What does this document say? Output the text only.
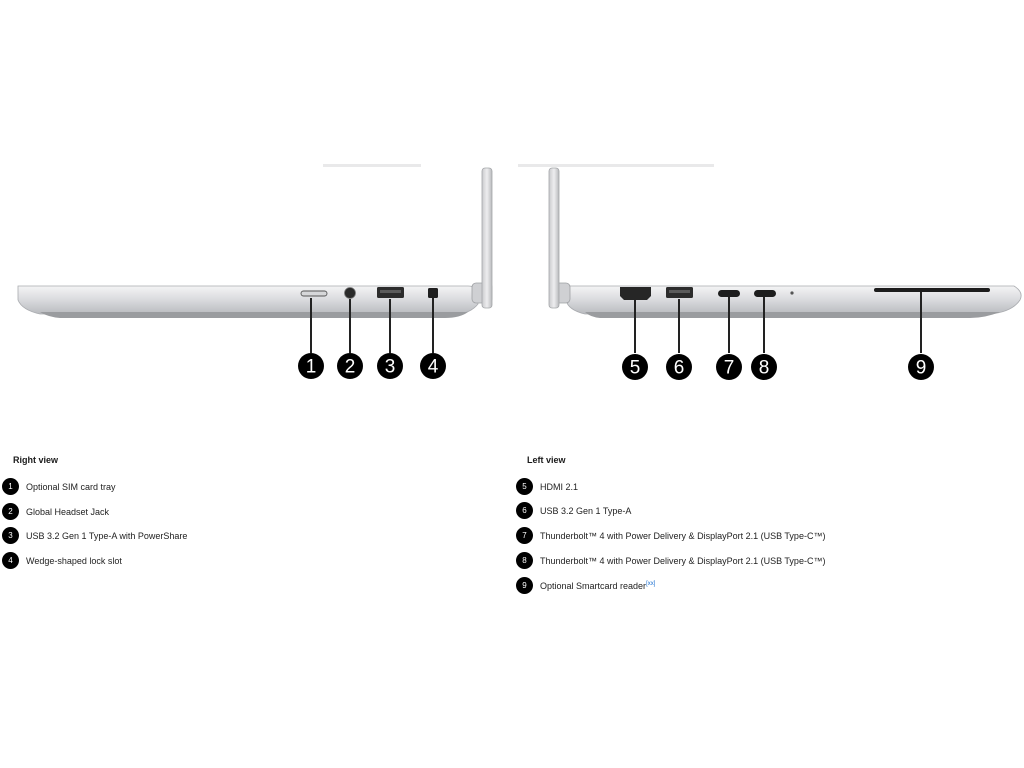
1 2 3 4	5 6 7 8	9
Right view
1	Optional SIM card tray
2	Global Headset Jack
3	USB 3.2 Gen 1 Type-A with PowerShare
4	Wedge-shaped lock slot
Left view
5	HDMI 2.1
6	USB 3.2 Gen 1 Type-A
7	Thunderbolt™ 4 with Power Delivery & DisplayPort 2.1 (USB Type-C™)
8	Thunderbolt™ 4 with Power Delivery & DisplayPort 2.1 (USB Type-C™)
9	Optional Smartcard reader[xx]
